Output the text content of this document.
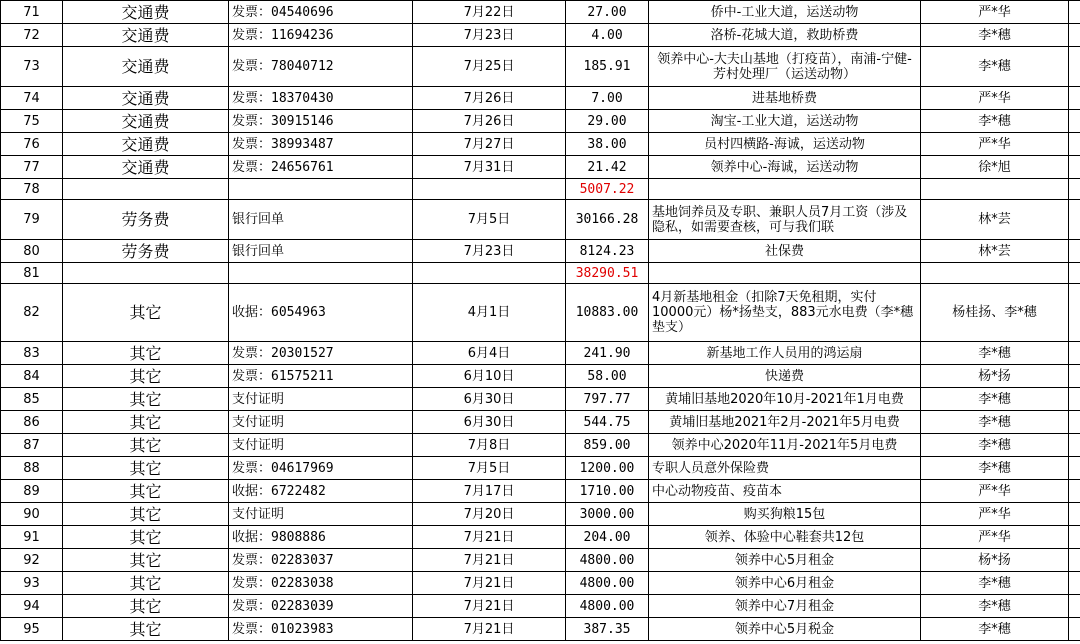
71	交通费	发票：04540696	7月22日	27.00	侨中-工业大道，运送动物	严*华	
72	交通费	发票：11694236	7月23日	4.00	洛桥-花城大道，救助桥费	李*穗	
73	交通费	发票：78040712	7月25日	185.91	领养中心-大夫山基地（打疫苗），南浦-宁健-芳村处理厂（运送动物）	李*穗	
74	交通费	发票：18370430	7月26日	7.00	进基地桥费	严*华	
75	交通费	发票：30915146	7月26日	29.00	淘宝-工业大道，运送动物	李*穗	
76	交通费	发票：38993487	7月27日	38.00	员村四横路-海诚，运送动物	严*华	
77	交通费	发票：24656761	7月31日	21.42	领养中心-海诚，运送动物	徐*旭	
78				5007.22			
79	劳务费	银行回单	7月5日	30166.28	基地饲养员及专职、兼职人员7月工资（涉及隐私，如需要查核，可与我们联	林*芸	
80	劳务费	银行回单	7月23日	8124.23	社保费	林*芸	
81				38290.51			
82	其它	收据：6054963	4月1日	10883.00	4月新基地租金（扣除7天免租期，实付10000元）杨*扬垫支，883元水电费（李*穗垫支）	杨桂扬、李*穗	
83	其它	发票：20301527	6月4日	241.90	新基地工作人员用的鸿运扇	李*穗	
84	其它	发票：61575211	6月10日	58.00	快递费	杨*扬	
85	其它	支付证明	6月30日	797.77	黄埔旧基地2020年10月-2021年1月电费	李*穗	
86	其它	支付证明	6月30日	544.75	黄埔旧基地2021年2月-2021年5月电费	李*穗	
87	其它	支付证明	7月8日	859.00	领养中心2020年11月-2021年5月电费	李*穗	
88	其它	发票：04617969	7月5日	1200.00	专职人员意外保险费	李*穗	
89	其它	收据：6722482	7月17日	1710.00	中心动物疫苗、疫苗本	严*华	
90	其它	支付证明	7月20日	3000.00	购买狗粮15包	严*华	
91	其它	收据：9808886	7月21日	204.00	领养、体验中心鞋套共12包	严*华	
92	其它	发票：02283037	7月21日	4800.00	领养中心5月租金	杨*扬	
93	其它	发票：02283038	7月21日	4800.00	领养中心6月租金	李*穗	
94	其它	发票：02283039	7月21日	4800.00	领养中心7月租金	李*穗	
95	其它	发票：01023983	7月21日	387.35	领养中心5月税金	李*穗	
